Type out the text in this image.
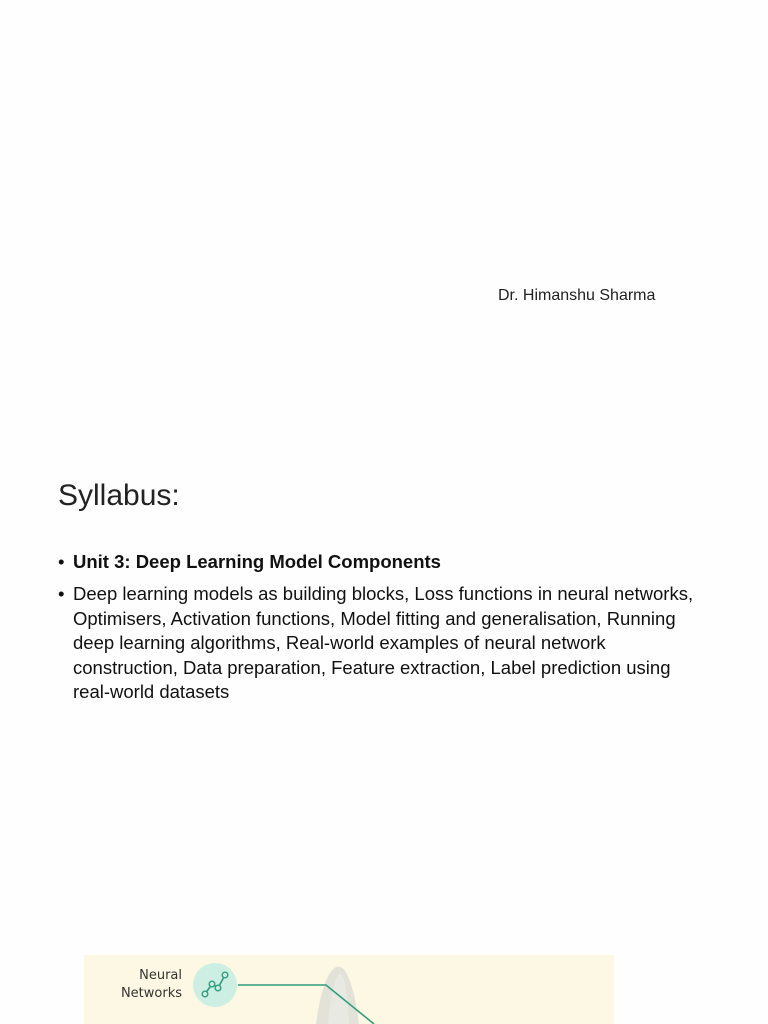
Dr. Himanshu Sharma
Syllabus:
• Unit 3: Deep Learning Model Components
• Deep learning models as building blocks, Loss functions in neural networks, Optimisers, Activation functions, Model fitting and generalisation, Running deep learning algorithms, Real-world examples of neural network construction, Data preparation, Feature extraction, Label prediction using real-world datasets
Neural
Networks
